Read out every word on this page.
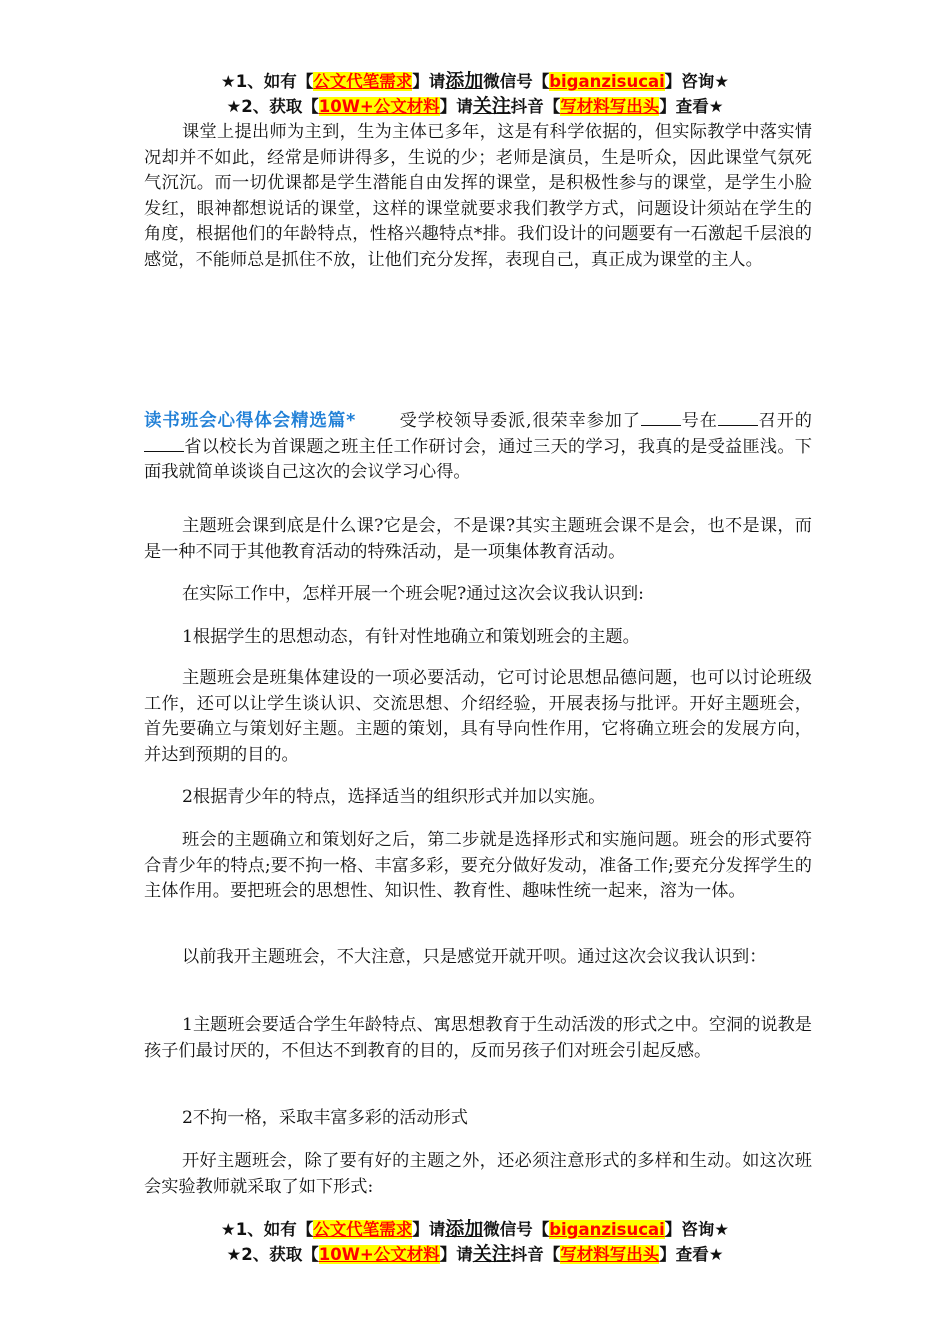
★1、如有【公文代笔需求】请添加微信号【biganzisucai】咨询★
★2、获取【10W+公文材料】请关注抖音【写材料写出头】查看★

课堂上提出师为主到，生为主体已多年，这是有科学依据的，但实际教学中落实情况却并不如此，经常是师讲得多，生说的少；老师是演员，生是听众，因此课堂气氛死气沉沉。而一切优课都是学生潜能自由发挥的课堂，是积极性参与的课堂，是学生小脸发红，眼神都想说话的课堂，这样的课堂就要求我们教学方式，问题设计须站在学生的角度，根据他们的年龄特点，性格兴趣特点*排。我们设计的问题要有一石激起千层浪的感觉，不能师总是抓住不放，让他们充分发挥，表现自己，真正成为课堂的主人。

读书班会心得体会精选篇*	受学校领导委派,很荣幸参加了 号在 召开的省以校长为首课题之班主任工作研讨会，通过三天的学习，我真的是受益匪浅。下面我就简单谈谈自己这次的会议学习心得。

主题班会课到底是什么课?它是会，不是课?其实主题班会课不是会，也不是课，而是一种不同于其他教育活动的特殊活动，是一项集体教育活动。

在实际工作中，怎样开展一个班会呢?通过这次会议我认识到:

1根据学生的思想动态，有针对性地确立和策划班会的主题。

主题班会是班集体建设的一项必要活动，它可讨论思想品德问题，也可以讨论班级工作，还可以让学生谈认识、交流思想、介绍经验，开展表扬与批评。开好主题班会，首先要确立与策划好主题。主题的策划，具有导向性作用，它将确立班会的发展方向，并达到预期的目的。

2根据青少年的特点，选择适当的组织形式并加以实施。

班会的主题确立和策划好之后，第二步就是选择形式和实施问题。班会的形式要符合青少年的特点;要不拘一格、丰富多彩，要充分做好发动，准备工作;要充分发挥学生的主体作用。要把班会的思想性、知识性、教育性、趣味性统一起来，溶为一体。

以前我开主题班会，不大注意，只是感觉开就开呗。通过这次会议我认识到：

1主题班会要适合学生年龄特点、寓思想教育于生动活泼的形式之中。空洞的说教是孩子们最讨厌的，不但达不到教育的目的，反而另孩子们对班会引起反感。

2不拘一格，采取丰富多彩的活动形式

开好主题班会，除了要有好的主题之外，还必须注意形式的多样和生动。如这次班会实验教师就采取了如下形式:

★1、如有【公文代笔需求】请添加微信号【biganzisucai】咨询★
★2、获取【10W+公文材料】请关注抖音【写材料写出头】查看★
